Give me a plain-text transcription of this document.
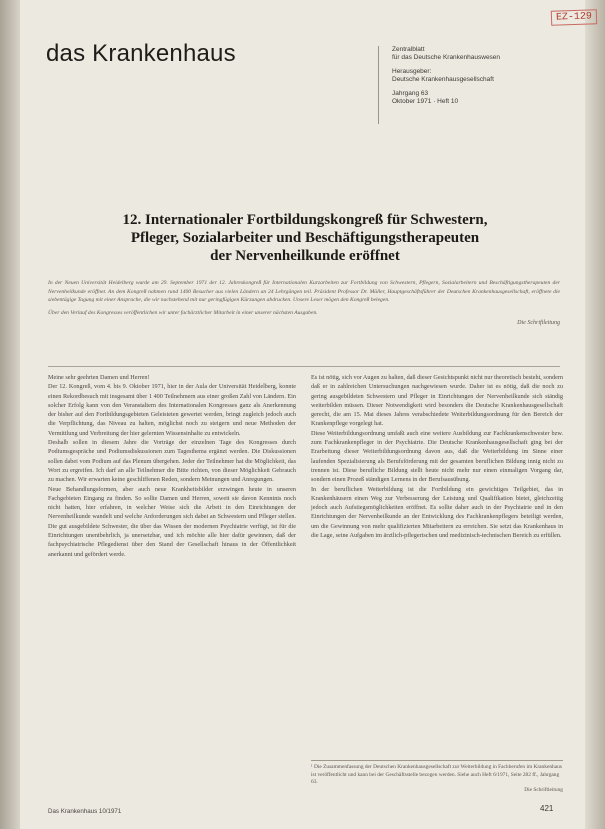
EZ-129
das Krankenhaus	Zentralblatt
für das Deutsche Krankenhauswesen
Herausgeber:
Deutsche Krankenhausgesellschaft
Jahrgang 63
Oktober 1971 · Heft 10
12. Internationaler Fortbildungskongreß für Schwestern,
Pfleger, Sozialarbeiter und Beschäftigungstherapeuten
der Nervenheilkunde eröffnet

In der Neuen Universität Heidelberg wurde am 29. September 1971 der 12. Jahreskongreß für Internationalen Kurzarbeiten zur Fortbildung von Schwestern, Pflegern, Sozialarbeitern und Beschäftigungstherapeuten der Nervenheilkunde eröffnet. An dem Kongreß nahmen rund 1400 Besucher aus vielen Ländern an 24 Lehrgängen teil. Präsident Professor Dr. Müller, Hauptgeschäftsführer der Deutschen Krankenhausgesellschaft, eröffnete die siebentägige Tagung mit einer Ansprache, die wir nachstehend mit nur geringfügigen Kürzungen abdrucken. Unsere Leser mögen den Kongreß belegen.

Über den Verlauf des Kongresses veröffentlichen wir unter fachärztlicher Mitarbeit in einer unserer nächsten Ausgaben.

Die Schriftleitung

Meine sehr geehrten Damen und Herren!

Der 12. Kongreß, vom 4. bis 9. Oktober 1971, hier in der Aula der Universität Heidelberg, konnte einen Rekordbesuch mit insgesamt über 1 400 Teilnehmern aus einer großen Zahl von Ländern. Ein solcher Erfolg kann von den Veranstaltern des Internationalen Kongresses ganz als Anerkennung der bisher auf den Fortbildungsgebieten Geleisteten gewertet werden, bringt zugleich jedoch auch die Verpflichtung, das Niveau zu halten, möglichst noch zu steigern und neue Methoden der Vermittlung und Verbreitung der hier gelernten Wissensinhalte zu entwickeln.

Deshalb sollen in diesem Jahre die Vorträge der einzelnen Tage des Kongresses durch Podiumsgespräche und Podiumsdiskussionen zum Tagesthema ergänzt werden. Die Diskussionen sollen dabei vom Podium auf das Plenum übergehen. Jeder der Teilnehmer hat die Möglichkeit, das Wort zu ergreifen. Ich darf an alle Teilnehmer die Bitte richten, von dieser Möglichkeit Gebrauch zu machen. Wir erwarten keine geschliffenen Reden, sondern Meinungen und Anregungen.

Neue Behandlungsformen, aber auch neue Krankheitsbilder erzwingen heute in unseren Fachgebieten Eingang zu finden. So sollte Damen und Herren, soweit sie davon Kenntnis noch nicht hatten, hier erfahren, in welcher Weise sich die Arbeit in den Einrichtungen der Nervenheilkunde wandelt und welche Anforderungen sich dabei an Schwestern und Pfleger stellen. Die gut ausgebildete Schwester, die über das Wissen der modernen Psychiatrie verfügt, ist für die Einrichtungen unentbehrlich, ja unersetzbar, und ich möchte alle hier dafür gewinnen, daß der fachpsychiatrische Pflegedienst über den Stand der Gesellschaft hinaus in der Öffentlichkeit anerkannt und gefördert werde.

Es ist nötig, sich vor Augen zu halten, daß dieser Gesichtspunkt nicht nur theoretisch besteht, sondern daß er in zahlreichen Untersuchungen nachgewiesen wurde. Daher ist es nötig, daß die noch zu gering ausgebildeten Schwestern und Pfleger in Einrichtungen der Nervenheilkunde sich ständig weiterbilden müssen. Dieser Notwendigkeit wird besonders die Deutsche Krankenhausgesellschaft gerecht, die am 15. Mai dieses Jahres verabschiedete Weiterbildungsordnung für den Bereich der Krankenpflege vorgelegt hat.

Diese Weiterbildungsordnung umfaßt auch eine weitere Ausbildung zur Fachkrankenschwester bzw. zum Fachkrankenpfleger in der Psychiatrie. Die Deutsche Krankenhausgesellschaft ging bei der Erarbeitung dieser Weiterbildungsordnung davon aus, daß die Weiterbildung im Sinne einer laufenden Spezialisierung als Berufsförderung mit der gesamten beruflichen Bildung innig nicht zu trennen ist. Diese berufliche Bildung stellt heute nicht mehr nur einen einmaligen Vorgang dar, sondern einen Prozeß ständigen Lernens in der Berufsausübung.

In der beruflichen Weiterbildung ist die Fortbildung ein gewichtiges Teilgebiet, das in Krankenhäusern einen Weg zur Verbesserung der Leistung und Qualifikation bietet, gleichzeitig jedoch auch Aufstiegsmöglichkeiten eröffnet. Es sollte daher auch in der Psychiatrie und in den Einrichtungen der Nervenheilkunde an der Entwicklung des Fachkrankenpflegers beteiligt werden, um die Gewinnung von mehr qualifizierten Mitarbeitern zu erreichen. Sie setzt das Krankenhaus in die Lage, seine Aufgaben im ärztlich-pflegerischen und medizinisch-technischen Bereich zu erfüllen.

¹ Die Zusammenfassung der Deutschen Krankenhausgesellschaft zur Weiterbildung in Fachberufen im Krankenhaus ist veröffentlicht und kann bei der Geschäftsstelle bezogen werden. Siehe auch Heft 6/1971, Seite 282 ff., Jahrgang 63.
Die Schriftleitung
Das Krankenhaus 10/1971	421
